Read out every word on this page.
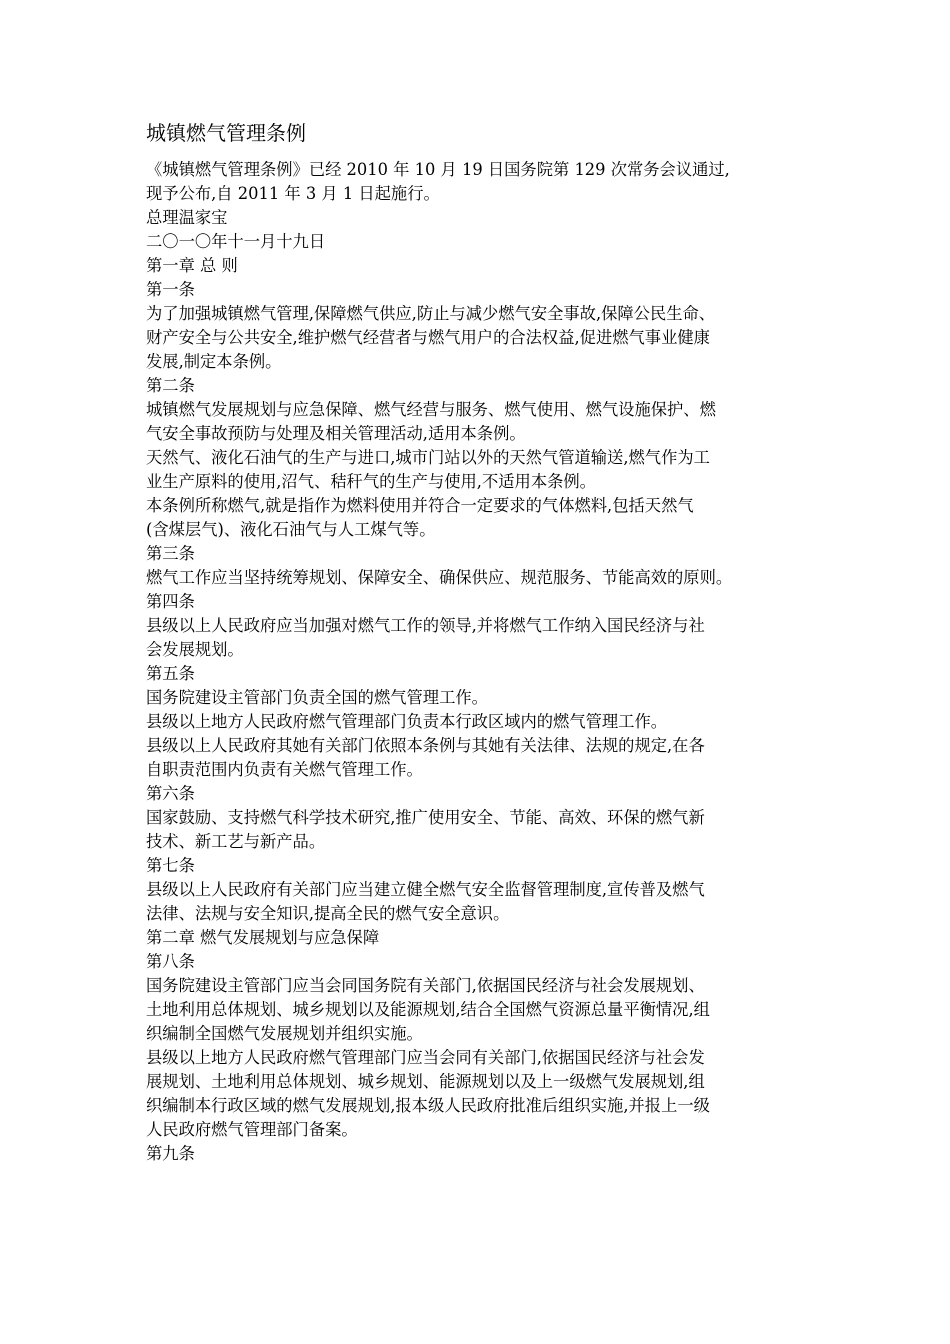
城镇燃气管理条例
《城镇燃气管理条例》已经 2010 年 10 月 19 日国务院第 129 次常务会议通过,
现予公布,自 2011 年 3 月 1 日起施行。
总理温家宝
二〇一〇年十一月十九日
第一章 总 则
第一条
为了加强城镇燃气管理,保障燃气供应,防止与减少燃气安全事故,保障公民生命、
财产安全与公共安全,维护燃气经营者与燃气用户的合法权益,促进燃气事业健康
发展,制定本条例。
第二条
城镇燃气发展规划与应急保障、燃气经营与服务、燃气使用、燃气设施保护、燃
气安全事故预防与处理及相关管理活动,适用本条例。
天然气、液化石油气的生产与进口,城市门站以外的天然气管道输送,燃气作为工
业生产原料的使用,沼气、秸秆气的生产与使用,不适用本条例。
本条例所称燃气,就是指作为燃料使用并符合一定要求的气体燃料,包括天然气
(含煤层气)、液化石油气与人工煤气等。
第三条
燃气工作应当坚持统筹规划、保障安全、确保供应、规范服务、节能高效的原则。
第四条
县级以上人民政府应当加强对燃气工作的领导,并将燃气工作纳入国民经济与社
会发展规划。
第五条
国务院建设主管部门负责全国的燃气管理工作。
县级以上地方人民政府燃气管理部门负责本行政区域内的燃气管理工作。
县级以上人民政府其她有关部门依照本条例与其她有关法律、法规的规定,在各
自职责范围内负责有关燃气管理工作。
第六条
国家鼓励、支持燃气科学技术研究,推广使用安全、节能、高效、环保的燃气新
技术、新工艺与新产品。
第七条
县级以上人民政府有关部门应当建立健全燃气安全监督管理制度,宣传普及燃气
法律、法规与安全知识,提高全民的燃气安全意识。
第二章 燃气发展规划与应急保障
第八条
国务院建设主管部门应当会同国务院有关部门,依据国民经济与社会发展规划、
土地利用总体规划、城乡规划以及能源规划,结合全国燃气资源总量平衡情况,组
织编制全国燃气发展规划并组织实施。
县级以上地方人民政府燃气管理部门应当会同有关部门,依据国民经济与社会发
展规划、土地利用总体规划、城乡规划、能源规划以及上一级燃气发展规划,组
织编制本行政区域的燃气发展规划,报本级人民政府批准后组织实施,并报上一级
人民政府燃气管理部门备案。
第九条
